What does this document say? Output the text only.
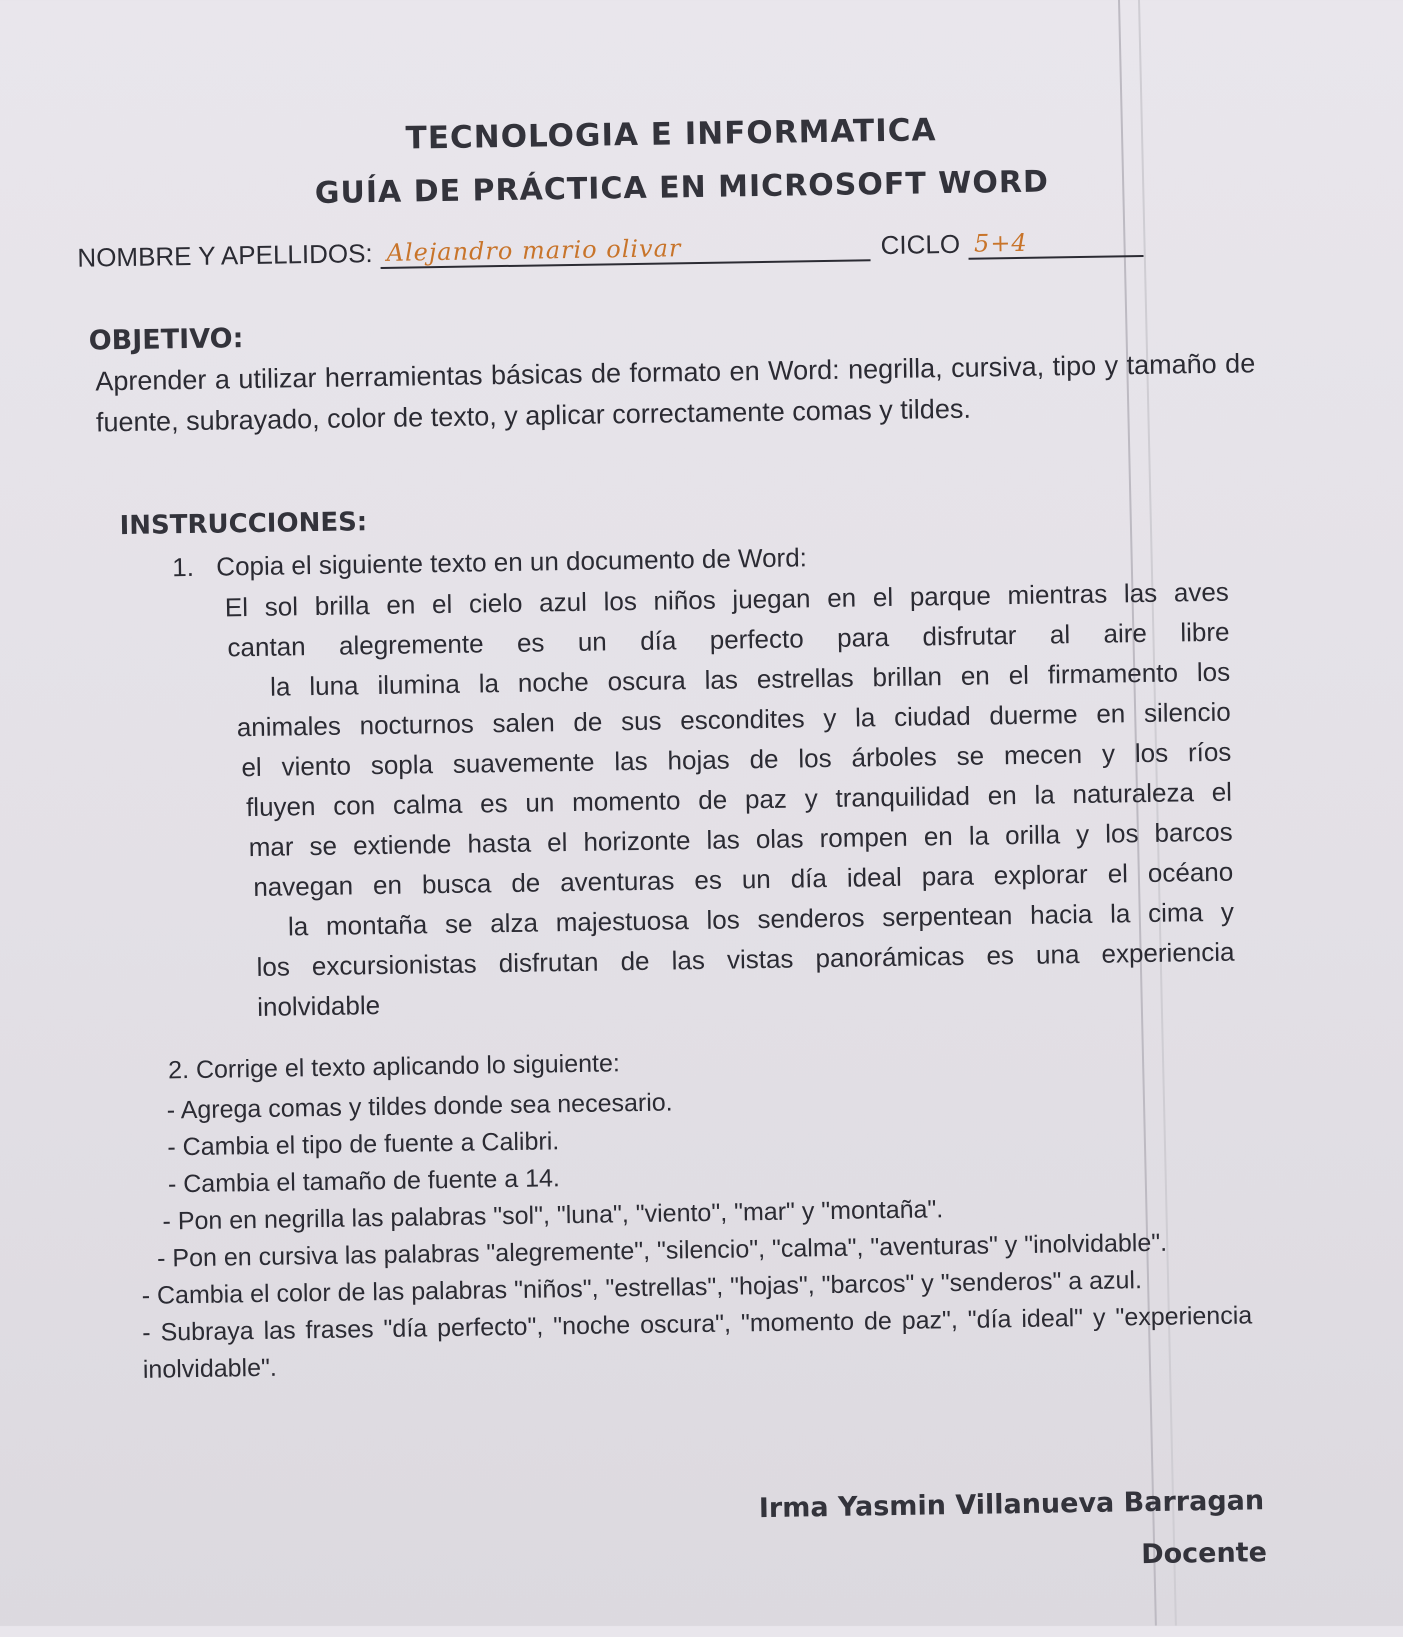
TECNOLOGIA E INFORMATICA
GUÍA DE PRÁCTICA EN MICROSOFT WORD
NOMBRE Y APELLIDOS: Alejandro mario olivar	CICLO 5+4
OBJETIVO:
Aprender a utilizar herramientas básicas de formato en Word: negrilla, cursiva, tipo y tamaño de fuente, subrayado, color de texto, y aplicar correctamente comas y tildes.
INSTRUCCIONES:
1. Copia el siguiente texto en un documento de Word:
El sol brilla en el cielo azul los niños juegan en el parque mientras las aves
cantan alegremente es un día perfecto para disfrutar al aire libre
la luna ilumina la noche oscura las estrellas brillan en el firmamento los
animales nocturnos salen de sus escondites y la ciudad duerme en silencio
el viento sopla suavemente las hojas de los árboles se mecen y los ríos
fluyen con calma es un momento de paz y tranquilidad en la naturaleza el
mar se extiende hasta el horizonte las olas rompen en la orilla y los barcos
navegan en busca de aventuras es un día ideal para explorar el océano
la montaña se alza majestuosa los senderos serpentean hacia la cima y
los excursionistas disfrutan de las vistas panorámicas es una experiencia
inolvidable
2. Corrige el texto aplicando lo siguiente:
- Agrega comas y tildes donde sea necesario.
- Cambia el tipo de fuente a Calibri.
- Cambia el tamaño de fuente a 14.
- Pon en negrilla las palabras "sol", "luna", "viento", "mar" y "montaña".
- Pon en cursiva las palabras "alegremente", "silencio", "calma", "aventuras" y "inolvidable".
- Cambia el color de las palabras "niños", "estrellas", "hojas", "barcos" y "senderos" a azul.
- Subraya las frases "día perfecto", "noche oscura", "momento de paz", "día ideal" y "experiencia inolvidable".
Irma Yasmin Villanueva Barragan
Docente
